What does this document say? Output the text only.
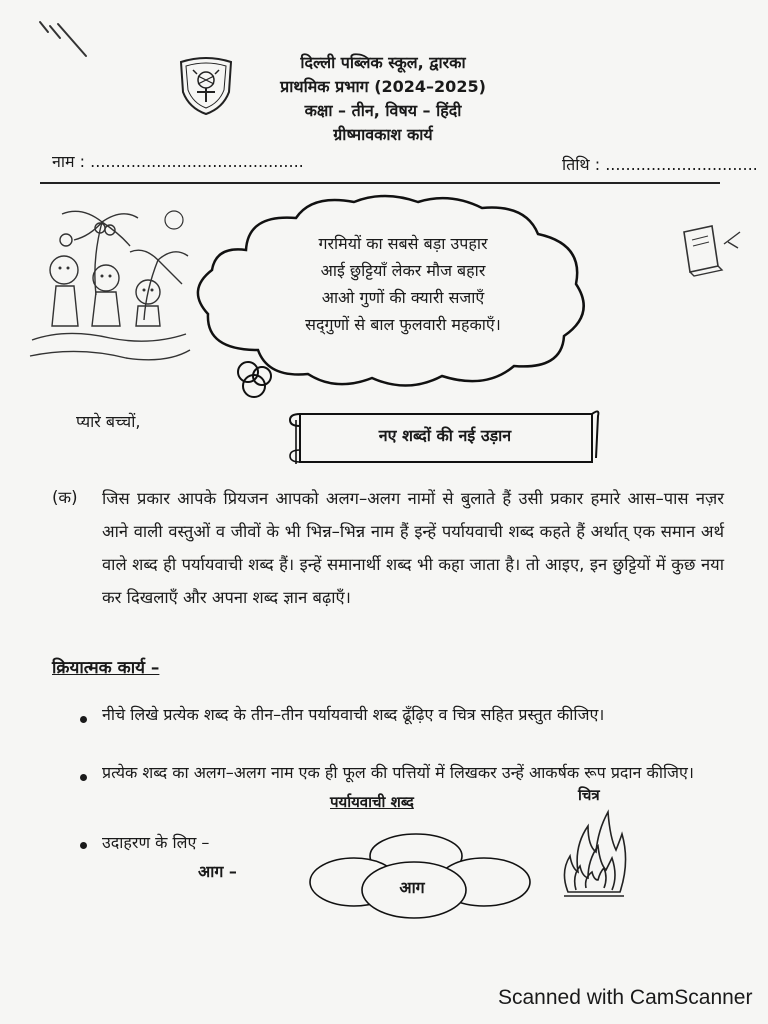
दिल्ली पब्लिक स्कूल, द्वारका
प्राथमिक प्रभाग (2024–2025)
कक्षा – तीन, विषय – हिंदी
ग्रीष्मावकाश कार्य
नाम : ..........................................	तिथि : ..............................
गरमियों का सबसे बड़ा उपहार
आई छुट्टियाँ लेकर मौज बहार
आओ गुणों की क्यारी सजाएँ
सद्‌गुणों से बाल फुलवारी महकाएँ।
प्यारे बच्चों,
नए शब्दों की नई उड़ान
(क) जिस प्रकार आपके प्रियजन आपको अलग–अलग नामों से बुलाते हैं उसी प्रकार हमारे आस–पास नज़र आने वाली वस्तुओं व जीवों के भी भिन्न–भिन्न नाम हैं इन्हें पर्यायवाची शब्द कहते हैं अर्थात् एक समान अर्थ वाले शब्द ही पर्यायवाची शब्द हैं। इन्हें समानार्थी शब्द भी कहा जाता है। तो आइए, इन छुट्टियों में कुछ नया कर दिखलाएँ और अपना शब्द ज्ञान बढ़ाएँ।
क्रियात्मक कार्य –
नीचे लिखे प्रत्येक शब्द के तीन–तीन पर्यायवाची शब्द ढूँढ़िए व चित्र सहित प्रस्तुत कीजिए।
प्रत्येक शब्द का अलग–अलग नाम एक ही फूल की पत्तियों में लिखकर उन्हें आकर्षक रूप प्रदान कीजिए।
पर्यायवाची शब्द	चित्र
उदाहरण के लिए –
आग –
आग
Scanned with CamScanner
